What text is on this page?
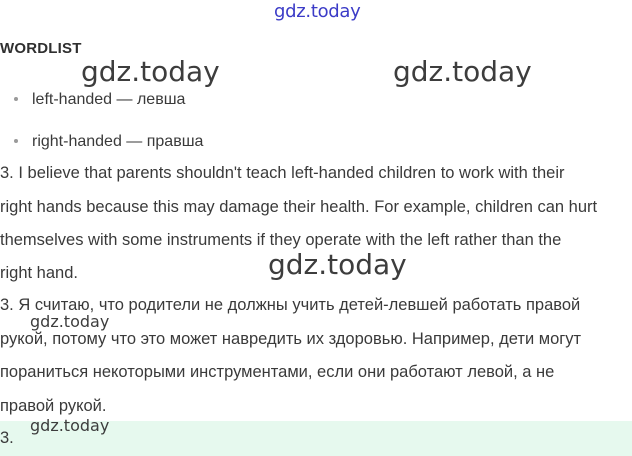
gdz.today
WORDLIST
left-handed — левша
right-handed — правша
gdz.today	gdz.today
3. I believe that parents shouldn't teach left-handed children to work with their
right hands because this may damage their health. For example, children can hurt
themselves with some instruments if they operate with the left rather than the
right hand.	gdz.today
3. Я считаю, что родители не должны учить детей-левшей работать правой
рукой, потому что это может навредить их здоровью. Например, дети могут
пораниться некоторыми инструментами, если они работают левой, а не
правой рукой.
gdz.today
3.
gdz.today
